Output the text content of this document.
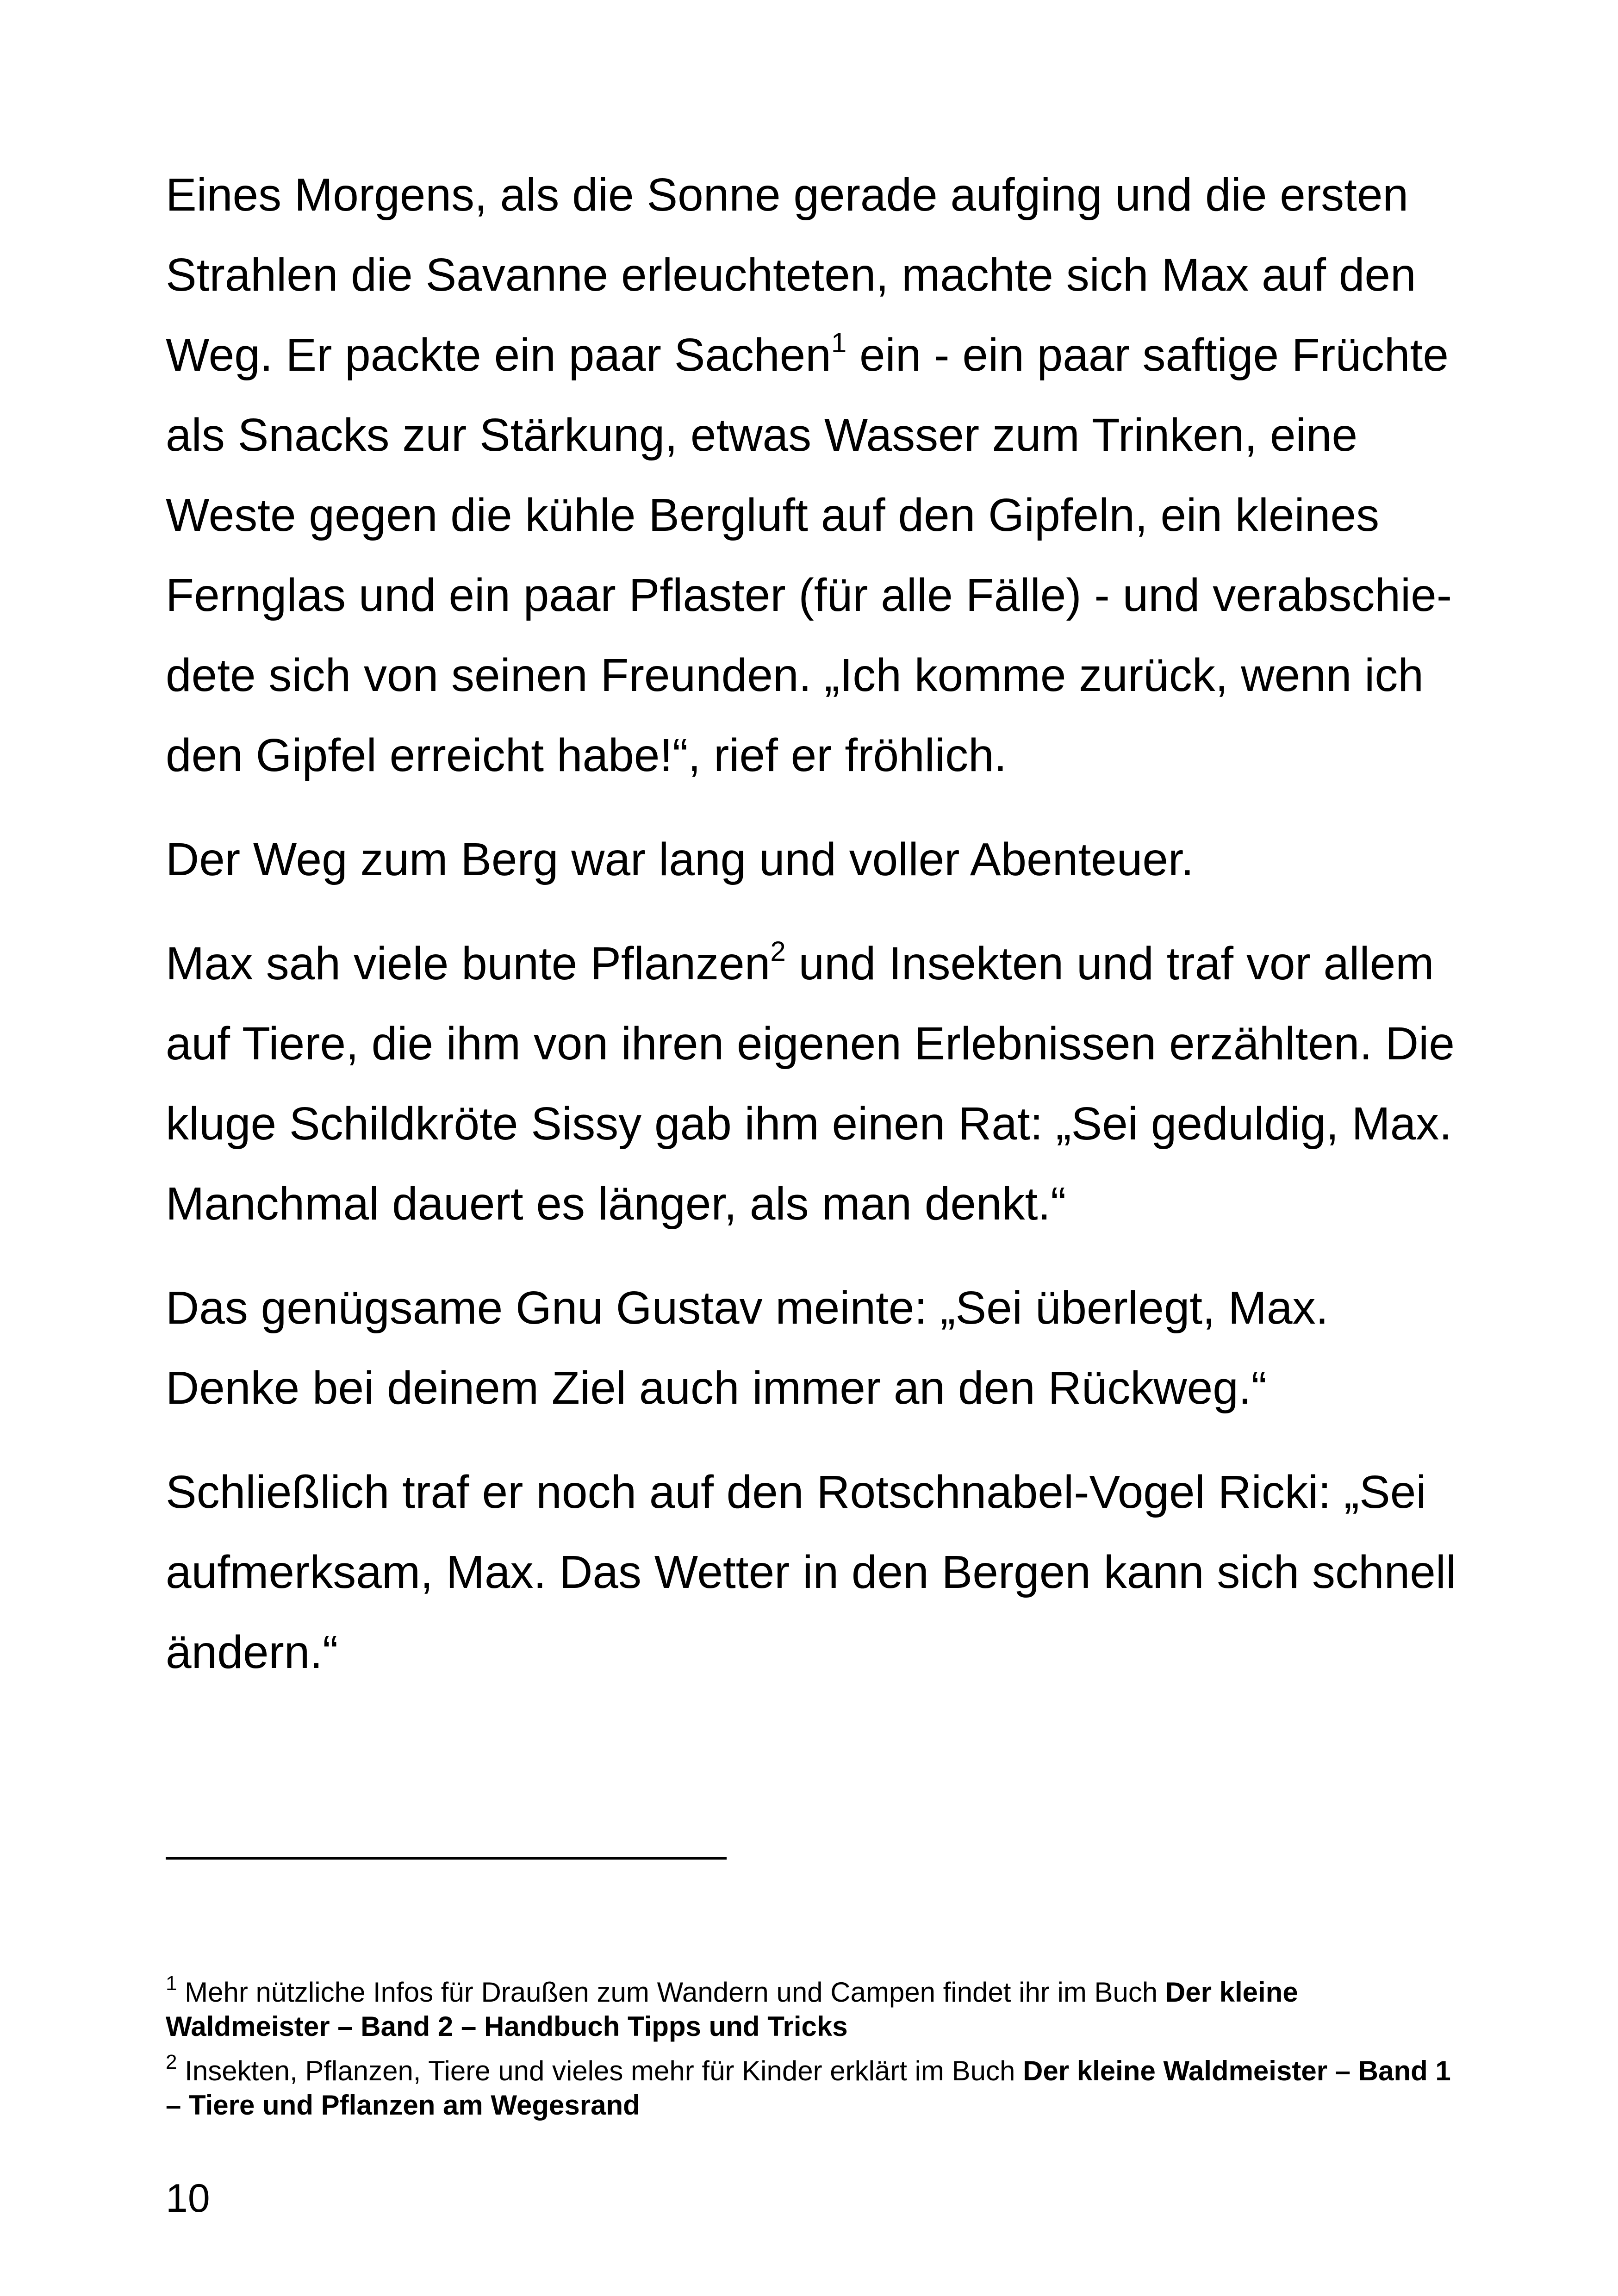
Eines Morgens, als die Sonne gerade aufging und die ersten Strahlen die Savanne erleuchteten, machte sich Max auf den Weg. Er packte ein paar Sachen$^1$ ein - ein paar saftige Früchte als Snacks zur Stärkung, etwas Wasser zum Trinken, eine Weste gegen die kühle Bergluft auf den Gipfeln, ein kleines Fernglas und ein paar Pflaster (für alle Fälle) - und verabschiedete sich von seinen Freunden. „Ich komme zurück, wenn ich den Gipfel erreicht habe!“, rief er fröhlich.

Der Weg zum Berg war lang und voller Abenteuer.

Max sah viele bunte Pflanzen$^2$ und Insekten und traf vor allem auf Tiere, die ihm von ihren eigenen Erlebnissen erzählten. Die kluge Schildkröte Sissy gab ihm einen Rat: „Sei geduldig, Max. Manchmal dauert es länger, als man denkt.“

Das genügsame Gnu Gustav meinte: „Sei überlegt, Max. Denke bei deinem Ziel auch immer an den Rückweg.“

Schließlich traf er noch auf den Rotschnabel-Vogel Ricki: „Sei aufmerksam, Max. Das Wetter in den Bergen kann sich schnell ändern.“

$^1$ Mehr nützliche Infos für Draußen zum Wandern und Campen findet ihr im Buch Der kleine Waldmeister – Band 2 – Handbuch Tipps und Tricks

$^2$ Insekten, Pflanzen, Tiere und vieles mehr für Kinder erklärt im Buch Der kleine Waldmeister – Band 1 – Tiere und Pflanzen am Wegesrand

10
